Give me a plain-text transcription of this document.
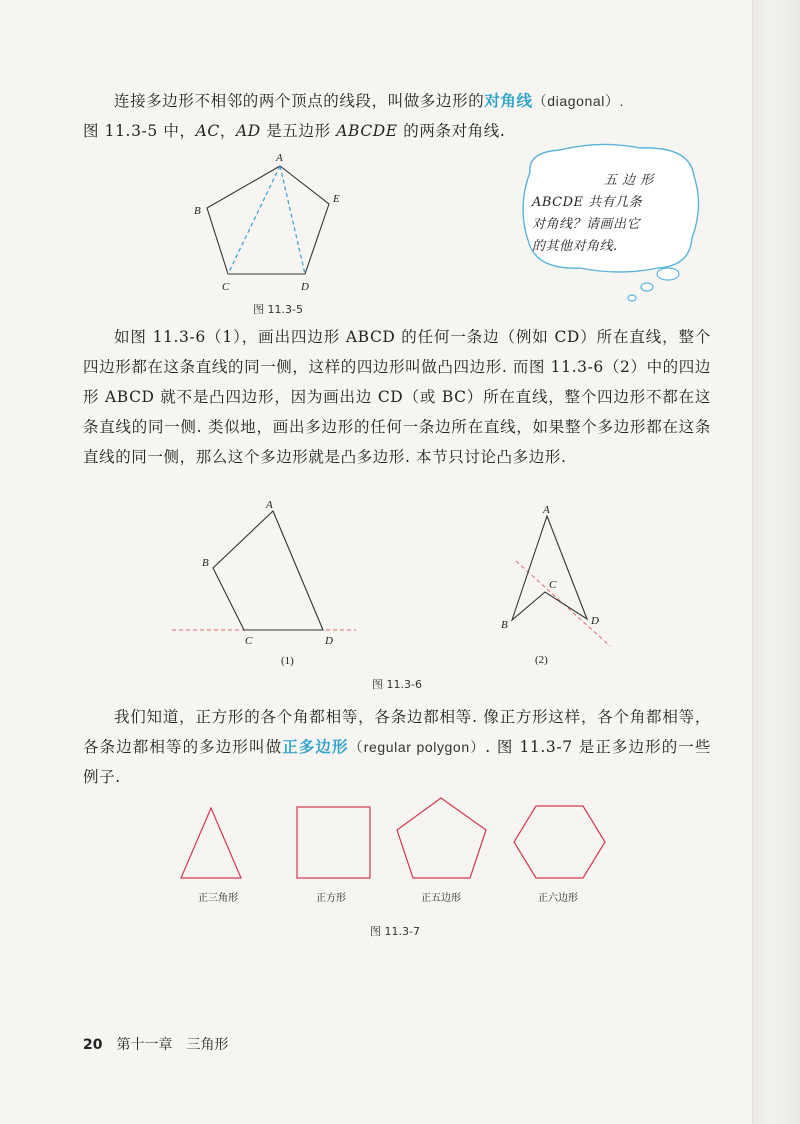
连接多边形不相邻的两个顶点的线段，叫做多边形的对角线（diagonal）.

图 11.3-5 中，AC，AD 是五边形 ABCDE 的两条对角线.
A
B
C	D
E
图 11.3-5
五 边 形
ABCDE 共有几条
对角线？请画出它
的其他对角线.

如图 11.3-6（1），画出四边形 ABCD 的任何一条边（例如 CD）所在直线，整个四边形都在这条直线的同一侧，这样的四边形叫做凸四边形. 而图 11.3-6（2）中的四边形 ABCD 就不是凸四边形，因为画出边 CD（或 BC）所在直线，整个四边形不都在这条直线的同一侧. 类似地，画出多边形的任何一条边所在直线，如果整个多边形都在这条直线的同一侧，那么这个多边形就是凸多边形. 本节只讨论凸多边形.

A
B
C	D
(1)
A
B
C
D
(2)
图 11.3-6

我们知道，正方形的各个角都相等，各条边都相等. 像正方形这样，各个角都相等，各条边都相等的多边形叫做正多边形（regular polygon）. 图 11.3-7 是正多边形的一些例子.

正三角形	正方形	正五边形	正六边形
图 11.3-7
20 第十一章 三角形
